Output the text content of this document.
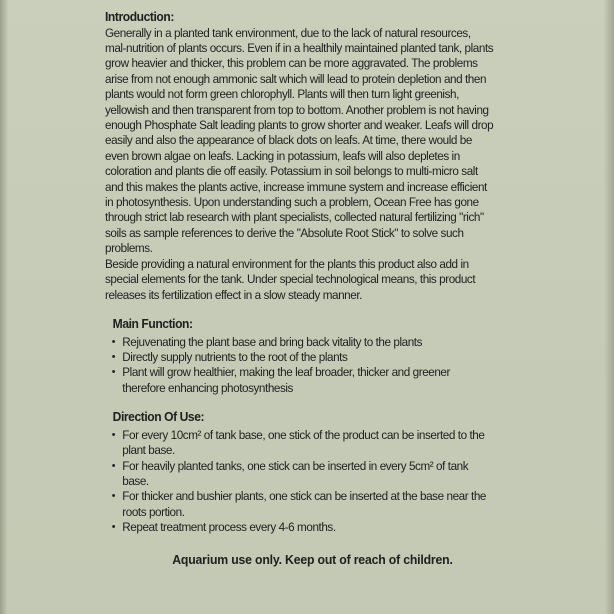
Introduction:

Generally in a planted tank environment, due to the lack of natural resources, mal-nutrition of plants occurs. Even if in a healthily maintained planted tank, plants grow heavier and thicker, this problem can be more aggravated. The problems arise from not enough ammonic salt which will lead to protein depletion and then plants would not form green chlorophyll. Plants will then turn light greenish, yellowish and then transparent from top to bottom. Another problem is not having enough Phosphate Salt leading plants to grow shorter and weaker. Leafs will drop easily and also the appearance of black dots on leafs. At time, there would be even brown algae on leafs. Lacking in potassium, leafs will also depletes in coloration and plants die off easily. Potassium in soil belongs to multi-micro salt and this makes the plants active, increase immune system and increase efficient in photosynthesis. Upon understanding such a problem, Ocean Free has gone through strict lab research with plant specialists, collected natural fertilizing "rich" soils as sample references to derive the "Absolute Root Stick" to solve such problems.

Beside providing a natural environment for the plants this product also add in special elements for the tank. Under special technological means, this product releases its fertilization effect in a slow steady manner.

Main Function:
• Rejuvenating the plant base and bring back vitality to the plants
• Directly supply nutrients to the root of the plants
• Plant will grow healthier, making the leaf broader, thicker and greener therefore enhancing photosynthesis
Direction Of Use:
• For every 10cm² of tank base, one stick of the product can be inserted to the plant base.
• For heavily planted tanks, one stick can be inserted in every 5cm² of tank base.
• For thicker and bushier plants, one stick can be inserted at the base near the roots portion.
• Repeat treatment process every 4-6 months.

Aquarium use only. Keep out of reach of children.
